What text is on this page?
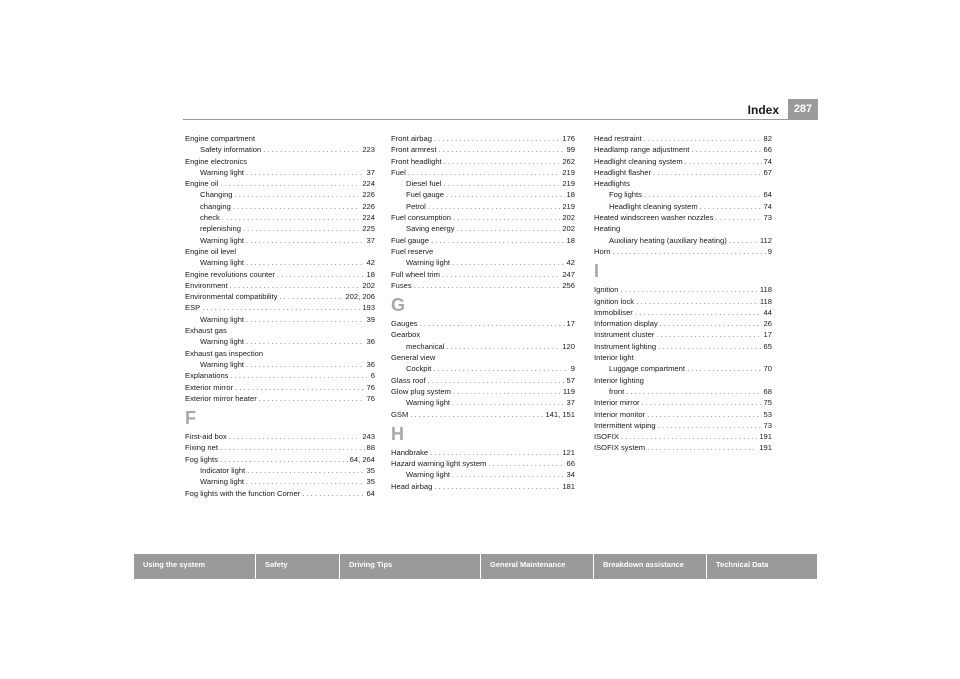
Index	287
Engine compartment
Safety information . . .	223
Engine electronics
Warning light . . .	37
Engine oil . . .	224
Changing . . .	226
changing . . .	226
check . . .	224
replenishing . . .	225
Warning light . . .	37
Engine oil level
Warning light . . .	42
Engine revolutions counter . . .	18
Environment . . .	202
Environmental compatibility . . .	202, 206
ESP . . .	193
Warning light . . .	39
Exhaust gas
Warning light . . .	36
Exhaust gas inspection
Warning light . . .	36
Explanations . . .	6
Exterior mirror . . .	76
Exterior mirror heater . . .	76
F
First-aid box . . .	243
Fixing net . . .	88
Fog lights . . .	64, 264
Indicator light . . .	35
Warning light . . .	35
Fog lights with the function Corner . . .	64
Front airbag . . .	176
Front armrest . . .	99
Front headlight . . .	262
Fuel . . .	219
Diesel fuel . . .	219
Fuel gauge . . .	18
Petrol . . .	219
Fuel consumption . . .	202
Saving energy . . .	202
Fuel gauge . . .	18
Fuel reserve
Warning light . . .	42
Full wheel trim . . .	247
Fuses . . .	256
G
Gauges . . .	17
Gearbox
mechanical . . .	120
General view
Cockpit . . .	9
Glass roof . . .	57
Glow plug system . . .	119
Warning light . . .	37
GSM . . .	141, 151
H
Handbrake . . .	121
Hazard warning light system . . .	66
Warning light . . .	34
Head airbag . . .	181
Head restraint . . .	82
Headlamp range adjustment . . .	66
Headlight cleaning system . . .	74
Headlight flasher . . .	67
Headlights
Fog lights . . .	64
Headlight cleaning system . . .	74
Heated windscreen washer nozzles . . .	73
Heating
Auxiliary heating (auxiliary heating) . . .	112
Horn . . .	9
I
Ignition . . .	118
Ignition lock . . .	118
Immobiliser . . .	44
Information display . . .	26
Instrument cluster . . .	17
Instrument lighting . . .	65
Interior light
Luggage compartment . . .	70
Interior lighting
front . . .	68
Interior mirror . . .	75
Interior monitor . . .	53
Intermittent wiping . . .	73
ISOFIX . . .	191
ISOFIX system . . .	191
Using the system	Safety	Driving Tips	General Maintenance	Breakdown assistance	Technical Data
